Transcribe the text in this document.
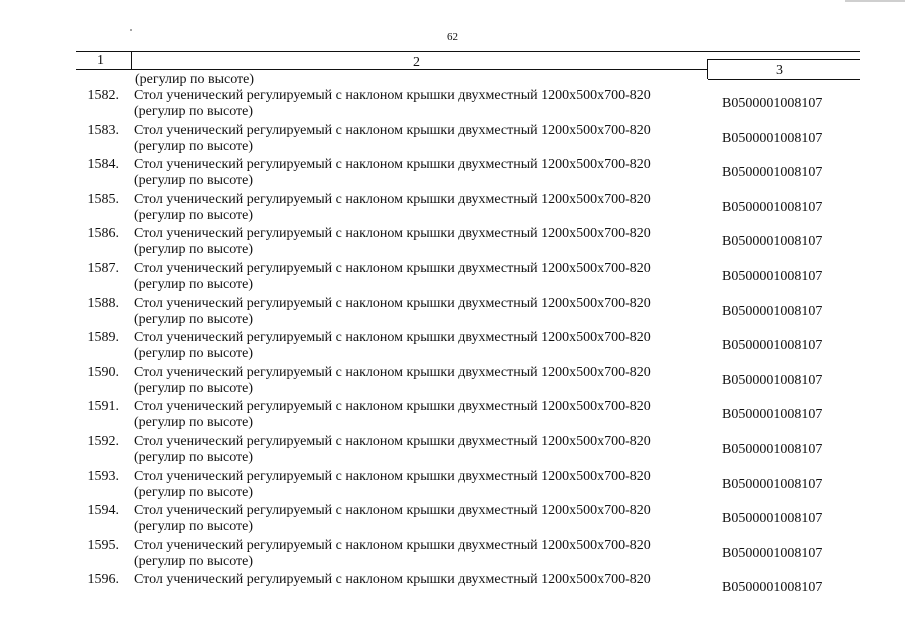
62
1	2
3
(регулир по высоте)
1582. Стол ученический регулируемый с наклоном крышки двухместный 1200х500х700-820
(регулир по высоте)
В0500001008107
1583. Стол ученический регулируемый с наклоном крышки двухместный 1200х500х700-820
(регулир по высоте)
В0500001008107
1584. Стол ученический регулируемый с наклоном крышки двухместный 1200х500х700-820
(регулир по высоте)
В0500001008107
1585. Стол ученический регулируемый с наклоном крышки двухместный 1200х500х700-820
(регулир по высоте)
В0500001008107
1586. Стол ученический регулируемый с наклоном крышки двухместный 1200х500х700-820
(регулир по высоте)
В0500001008107
1587. Стол ученический регулируемый с наклоном крышки двухместный 1200х500х700-820
(регулир по высоте)
В0500001008107
1588. Стол ученический регулируемый с наклоном крышки двухместный 1200х500х700-820
(регулир по высоте)
В0500001008107
1589. Стол ученический регулируемый с наклоном крышки двухместный 1200х500х700-820
(регулир по высоте)
В0500001008107
1590. Стол ученический регулируемый с наклоном крышки двухместный 1200х500х700-820
(регулир по высоте)
В0500001008107
1591. Стол ученический регулируемый с наклоном крышки двухместный 1200х500х700-820
(регулир по высоте)
В0500001008107
1592. Стол ученический регулируемый с наклоном крышки двухместный 1200х500х700-820
(регулир по высоте)
В0500001008107
1593. Стол ученический регулируемый с наклоном крышки двухместный 1200х500х700-820
(регулир по высоте)
В0500001008107
1594. Стол ученический регулируемый с наклоном крышки двухместный 1200х500х700-820
(регулир по высоте)
В0500001008107
1595. Стол ученический регулируемый с наклоном крышки двухместный 1200х500х700-820
(регулир по высоте)
В0500001008107
1596. Стол ученический регулируемый с наклоном крышки двухместный 1200х500х700-820
В0500001008107
